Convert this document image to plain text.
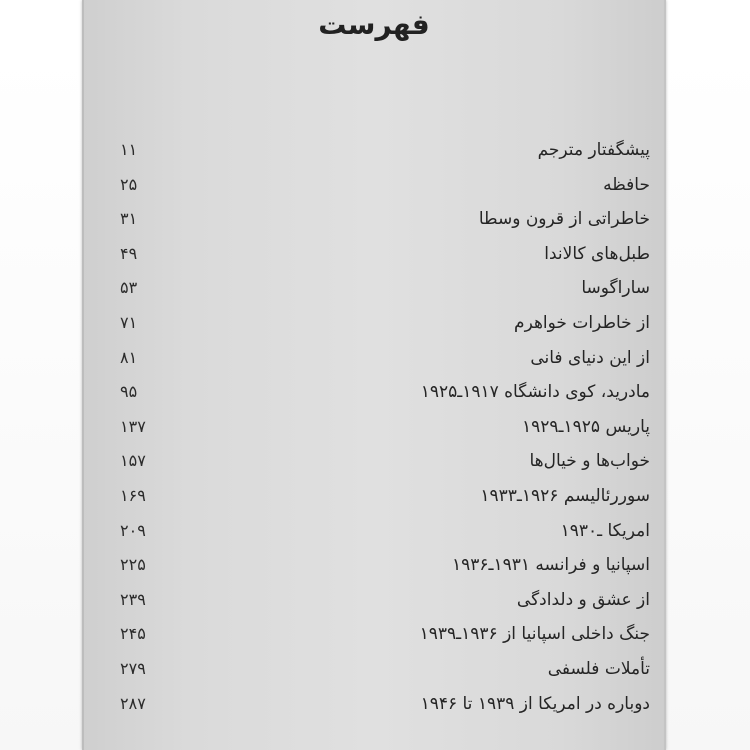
فهرست
پیشگفتار مترجم
۱۱
حافظه
۲۵
خاطراتی از قرون وسطا
۳۱
طبل‌های کالاندا
۴۹
ساراگوسا
۵۳
از خاطرات خواهرم
۷۱
از این دنیای فانی
۸۱
مادرید، کوی دانشگاه ۱۹۱۷ـ۱۹۲۵
۹۵
پاریس ۱۹۲۵ـ۱۹۲۹
۱۳۷
خواب‌ها و خیال‌ها
۱۵۷
سوررئالیسم ۱۹۲۶ـ۱۹۳۳
۱۶۹
امریکا ـ۱۹۳۰
۲۰۹
اسپانیا و فرانسه ۱۹۳۱ـ۱۹۳۶
۲۲۵
از عشق و دلدادگی
۲۳۹
جنگ داخلی اسپانیا از ۱۹۳۶ـ۱۹۳۹
۲۴۵
تأملات فلسفی
۲۷۹
دوباره در امریکا از ۱۹۳۹ تا ۱۹۴۶
۲۸۷
